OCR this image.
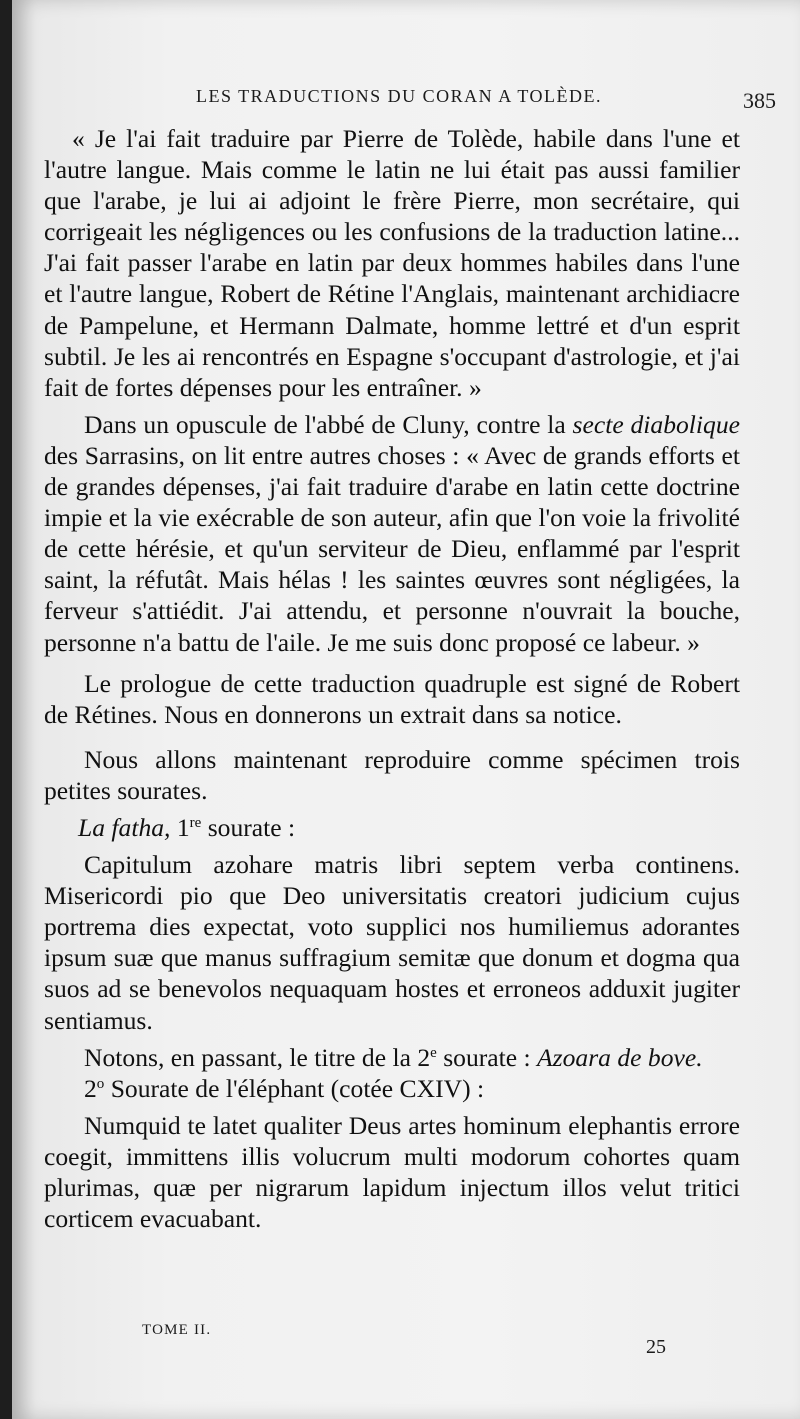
LES TRADUCTIONS DU CORAN A TOLÈDE.	385

« Je l'ai fait traduire par Pierre de Tolède, habile dans l'une et l'autre langue. Mais comme le latin ne lui était pas aussi familier que l'arabe, je lui ai adjoint le frère Pierre, mon secrétaire, qui corrigeait les négligences ou les confusions de la traduction latine... J'ai fait passer l'arabe en latin par deux hommes habiles dans l'une et l'autre langue, Robert de Rétine l'Anglais, maintenant archidiacre de Pampelune, et Hermann Dalmate, homme lettré et d'un esprit subtil. Je les ai rencontrés en Espagne s'occupant d'astrologie, et j'ai fait de fortes dépenses pour les entraîner. »

Dans un opuscule de l'abbé de Cluny, contre la secte diabolique des Sarrasins, on lit entre autres choses : « Avec de grands efforts et de grandes dépenses, j'ai fait traduire d'arabe en latin cette doctrine impie et la vie exécrable de son auteur, afin que l'on voie la frivolité de cette hérésie, et qu'un serviteur de Dieu, enflammé par l'esprit saint, la réfutât. Mais hélas ! les saintes œuvres sont négligées, la ferveur s'attiédit. J'ai attendu, et personne n'ouvrait la bouche, personne n'a battu de l'aile. Je me suis donc proposé ce labeur. »

Le prologue de cette traduction quadruple est signé de Robert de Rétines. Nous en donnerons un extrait dans sa notice.

Nous allons maintenant reproduire comme spécimen trois petites sourates.

La fatha, 1re sourate :

Capitulum azohare matris libri septem verba continens. Misericordi pio que Deo universitatis creatori judicium cujus portrema dies expectat, voto supplici nos humiliemus adorantes ipsum suæ que manus suffragium semitæ que donum et dogma qua suos ad se benevolos nequaquam hostes et erroneos adduxit jugiter sentiamus.

Notons, en passant, le titre de la 2e sourate : Azoara de bove.

2$^o$ Sourate de l'éléphant (cotée CXIV) :

Numquid te latet qualiter Deus artes hominum elephantis errore coegit, immittens illis volucrum multi modorum cohortes quam plurimas, quæ per nigrarum lapidum injectum illos velut tritici corticem evacuabant.

TOME II.
25
